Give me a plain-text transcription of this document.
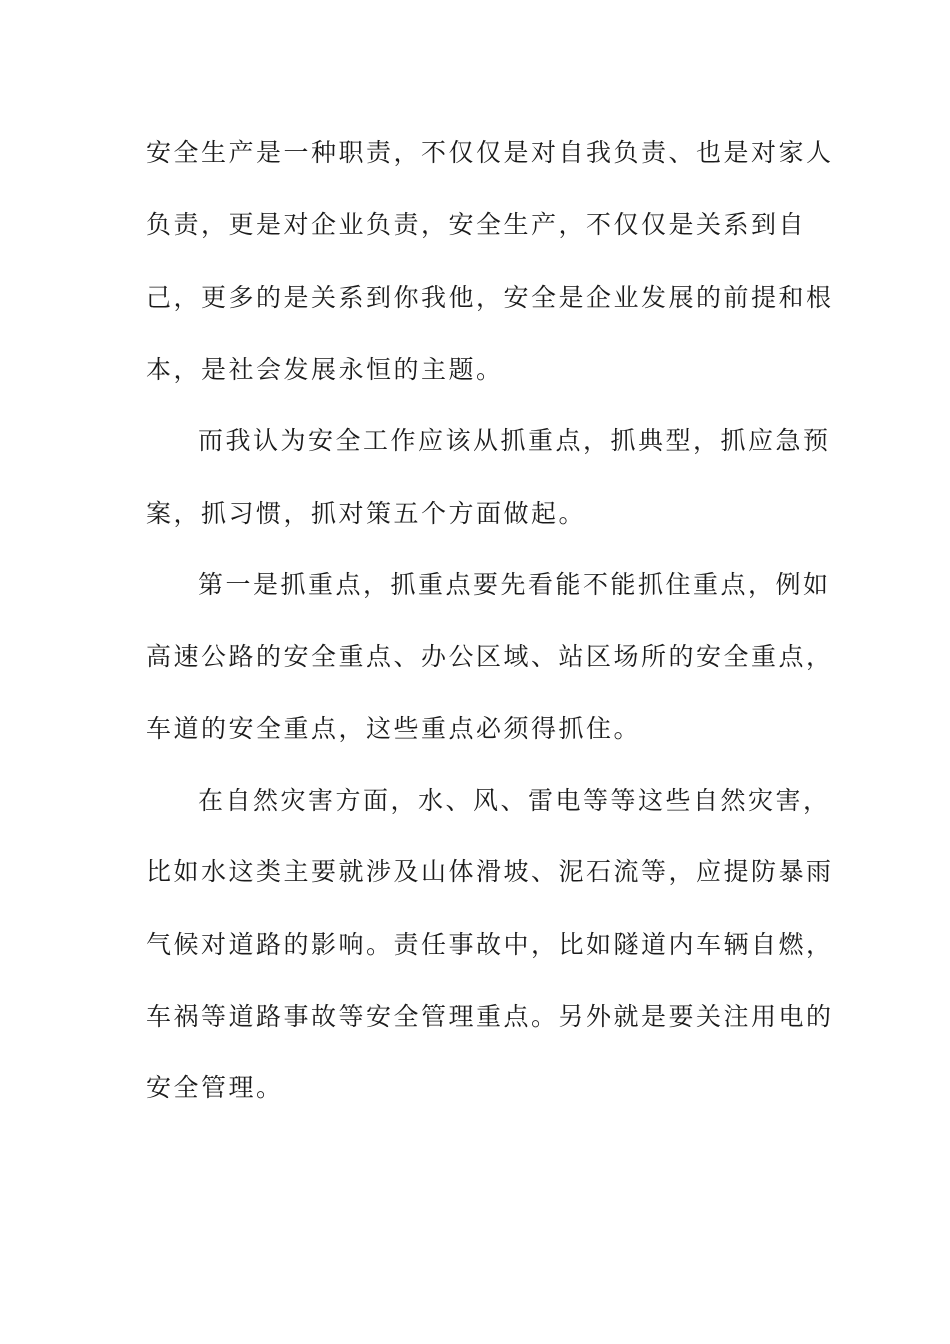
安全生产是一种职责，不仅仅是对自我负责、也是对家人
负责，更是对企业负责，安全生产，不仅仅是关系到自
己，更多的是关系到你我他，安全是企业发展的前提和根
本，是社会发展永恒的主题。
而我认为安全工作应该从抓重点，抓典型，抓应急预
案，抓习惯，抓对策五个方面做起。
第一是抓重点，抓重点要先看能不能抓住重点，例如
高速公路的安全重点、办公区域、站区场所的安全重点，
车道的安全重点，这些重点必须得抓住。
在自然灾害方面，水、风、雷电等等这些自然灾害，
比如水这类主要就涉及山体滑坡、泥石流等，应提防暴雨
气候对道路的影响。责任事故中，比如隧道内车辆自燃，
车祸等道路事故等安全管理重点。另外就是要关注用电的
安全管理。
